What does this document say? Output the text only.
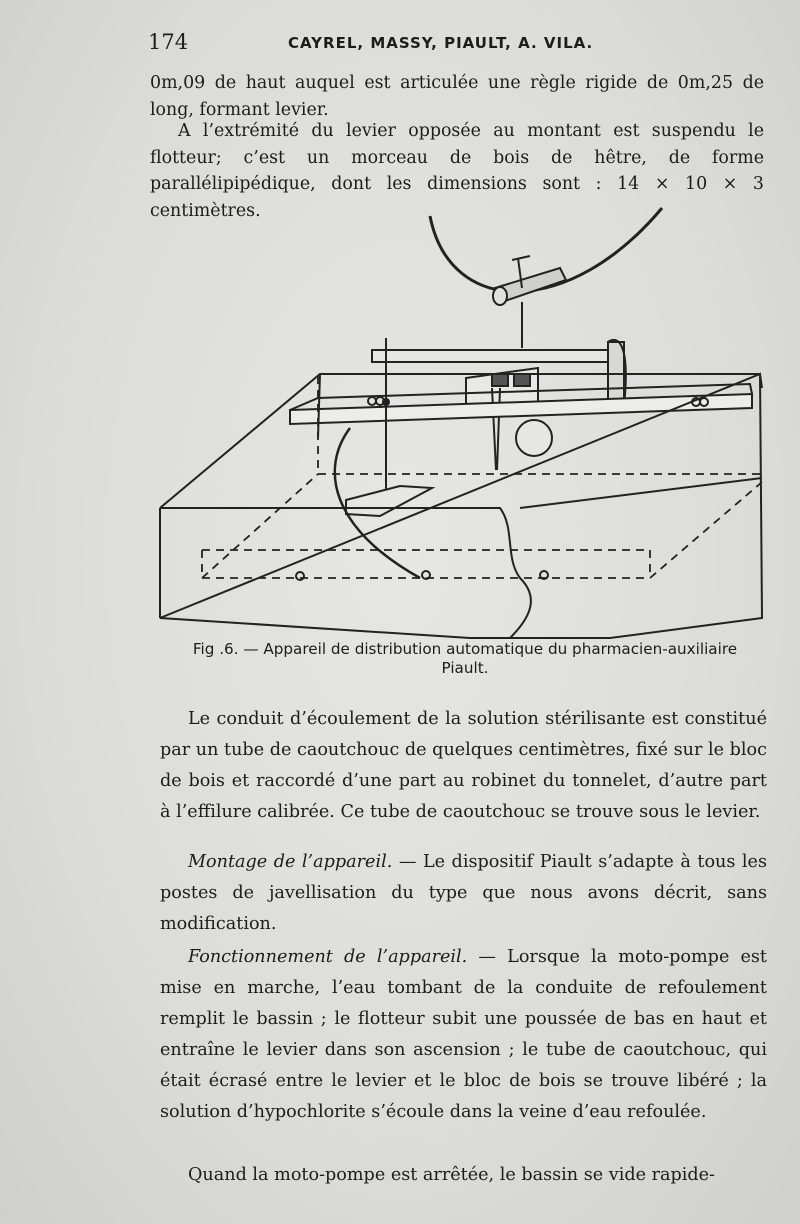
174	CAYREL, MASSY, PIAULT, A. VILA.

0m,09 de haut auquel est articulée une règle rigide de 0m,25 de long, formant levier.

A l’extrémité du levier opposée au montant est suspendu le flotteur; c’est un morceau de bois de hêtre, de forme parallélipipédique, dont les dimensions sont : 14 × 10 × 3 centimètres.

Fig .6. — Appareil de distribution automatique du pharmacien-auxiliaire
Piault.

Le conduit d’écoulement de la solution stérilisante est constitué par un tube de caoutchouc de quelques centimètres, fixé sur le bloc de bois et raccordé d’une part au robinet du tonnelet, d’autre part à l’effilure calibrée. Ce tube de caoutchouc se trouve sous le levier.

Montage de l’appareil. — Le dispositif Piault s’adapte à tous les postes de javellisation du type que nous avons décrit, sans modification.

Fonctionnement de l’appareil. — Lorsque la moto-pompe est mise en marche, l’eau tombant de la conduite de refoulement remplit le bassin ; le flotteur subit une poussée de bas en haut et entraîne le levier dans son ascension ; le tube de caoutchouc, qui était écrasé entre le levier et le bloc de bois se trouve libéré ; la solution d’hypochlorite s’écoule dans la veine d’eau refoulée.

Quand la moto-pompe est arrêtée, le bassin se vide rapide-
